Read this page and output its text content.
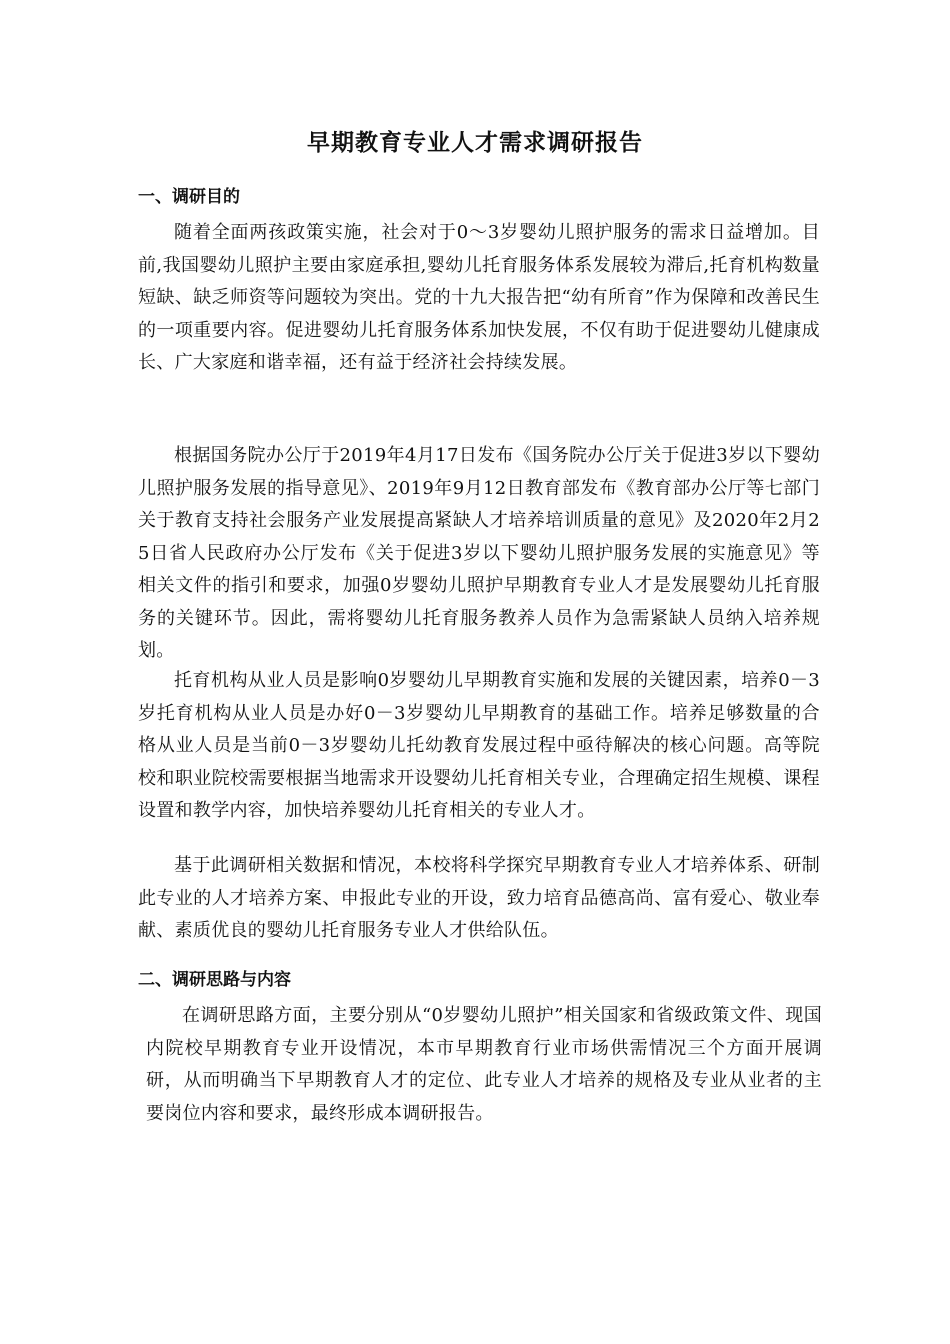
早期教育专业人才需求调研报告
一、调研目的

随着全面两孩政策实施，社会对于0～3岁婴幼儿照护服务的需求日益增加。目前,我国婴幼儿照护主要由家庭承担,婴幼儿托育服务体系发展较为滞后,托育机构数量短缺、缺乏师资等问题较为突出。党的十九大报告把“幼有所育”作为保障和改善民生的一项重要内容。促进婴幼儿托育服务体系加快发展，不仅有助于促进婴幼儿健康成长、广大家庭和谐幸福，还有益于经济社会持续发展。

根据国务院办公厅于2019年4月17日发布《国务院办公厅关于促进3岁以下婴幼儿照护服务发展的指导意见》、2019年9月12日教育部发布《教育部办公厅等七部门关于教育支持社会服务产业发展提高紧缺人才培养培训质量的意见》及2020年2月25日省人民政府办公厅发布《关于促进3岁以下婴幼儿照护服务发展的实施意见》等相关文件的指引和要求，加强0岁婴幼儿照护早期教育专业人才是发展婴幼儿托育服务的关键环节。因此，需将婴幼儿托育服务教养人员作为急需紧缺人员纳入培养规划。

托育机构从业人员是影响0岁婴幼儿早期教育实施和发展的关键因素，培养0－3岁托育机构从业人员是办好0－3岁婴幼儿早期教育的基础工作。培养足够数量的合格从业人员是当前0－3岁婴幼儿托幼教育发展过程中亟待解决的核心问题。高等院校和职业院校需要根据当地需求开设婴幼儿托育相关专业，合理确定招生规模、课程设置和教学内容，加快培养婴幼儿托育相关的专业人才。

基于此调研相关数据和情况，本校将科学探究早期教育专业人才培养体系、研制此专业的人才培养方案、申报此专业的开设，致力培育品德高尚、富有爱心、敬业奉献、素质优良的婴幼儿托育服务专业人才供给队伍。

二、调研思路与内容

在调研思路方面，主要分别从“0岁婴幼儿照护”相关国家和省级政策文件、现国内院校早期教育专业开设情况，本市早期教育行业市场供需情况三个方面开展调研，从而明确当下早期教育人才的定位、此专业人才培养的规格及专业从业者的主要岗位内容和要求，最终形成本调研报告。
